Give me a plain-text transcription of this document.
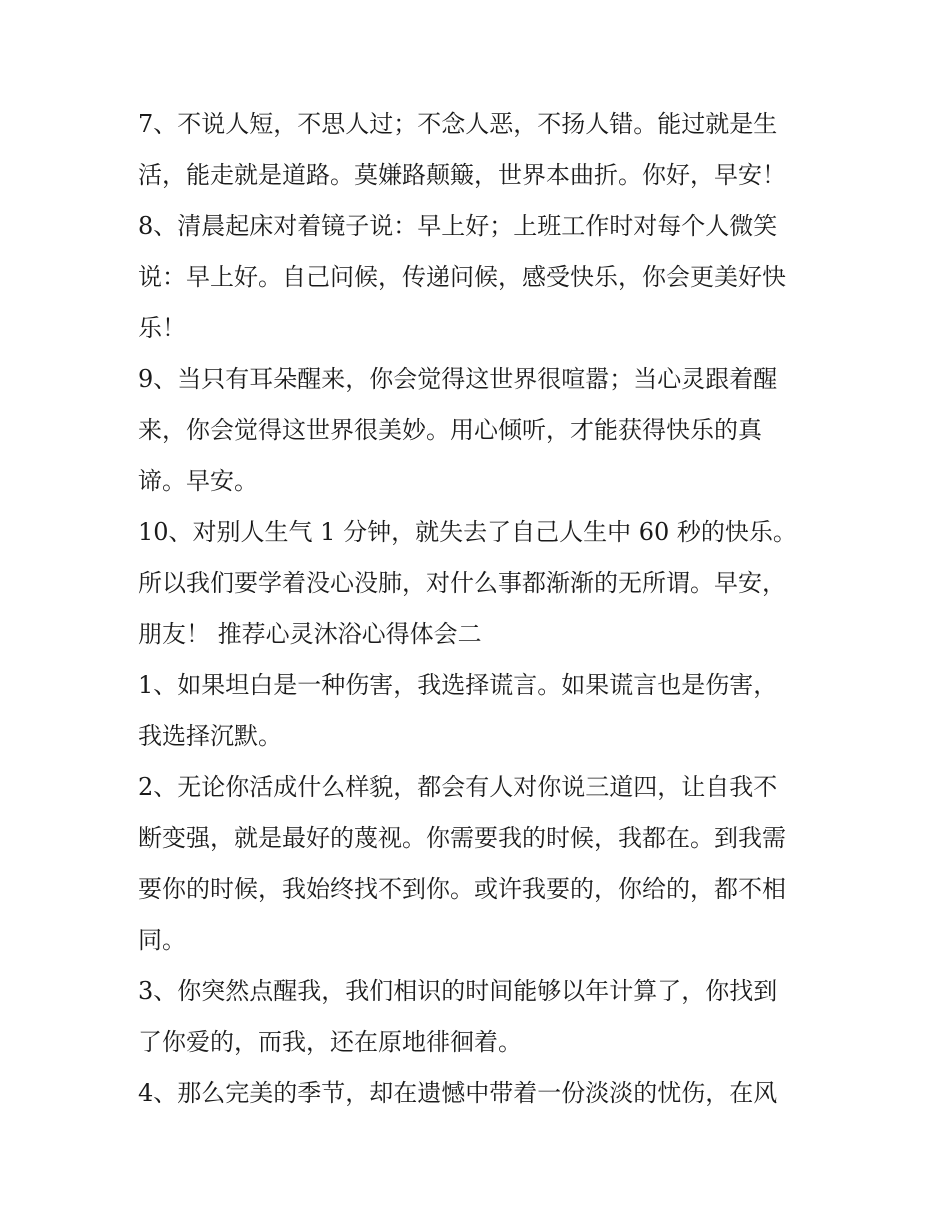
7、不说人短，不思人过；不念人恶，不扬人错。能过就是生
活，能走就是道路。莫嫌路颠簸，世界本曲折。你好，早安！
8、清晨起床对着镜子说：早上好；上班工作时对每个人微笑
说：早上好。自己问候，传递问候，感受快乐，你会更美好快
乐！
9、当只有耳朵醒来，你会觉得这世界很喧嚣；当心灵跟着醒
来，你会觉得这世界很美妙。用心倾听，才能获得快乐的真
谛。早安。
10、对别人生气 1 分钟，就失去了自己人生中 60 秒的快乐。
所以我们要学着没心没肺，对什么事都渐渐的无所谓。早安，
朋友！ 推荐心灵沐浴心得体会二
1、如果坦白是一种伤害，我选择谎言。如果谎言也是伤害，
我选择沉默。
2、无论你活成什么样貌，都会有人对你说三道四，让自我不
断变强，就是最好的蔑视。你需要我的时候，我都在。到我需
要你的时候，我始终找不到你。或许我要的，你给的，都不相
同。
3、你突然点醒我，我们相识的时间能够以年计算了，你找到
了你爱的，而我，还在原地徘徊着。
4、那么完美的季节，却在遗憾中带着一份淡淡的忧伤，在风
